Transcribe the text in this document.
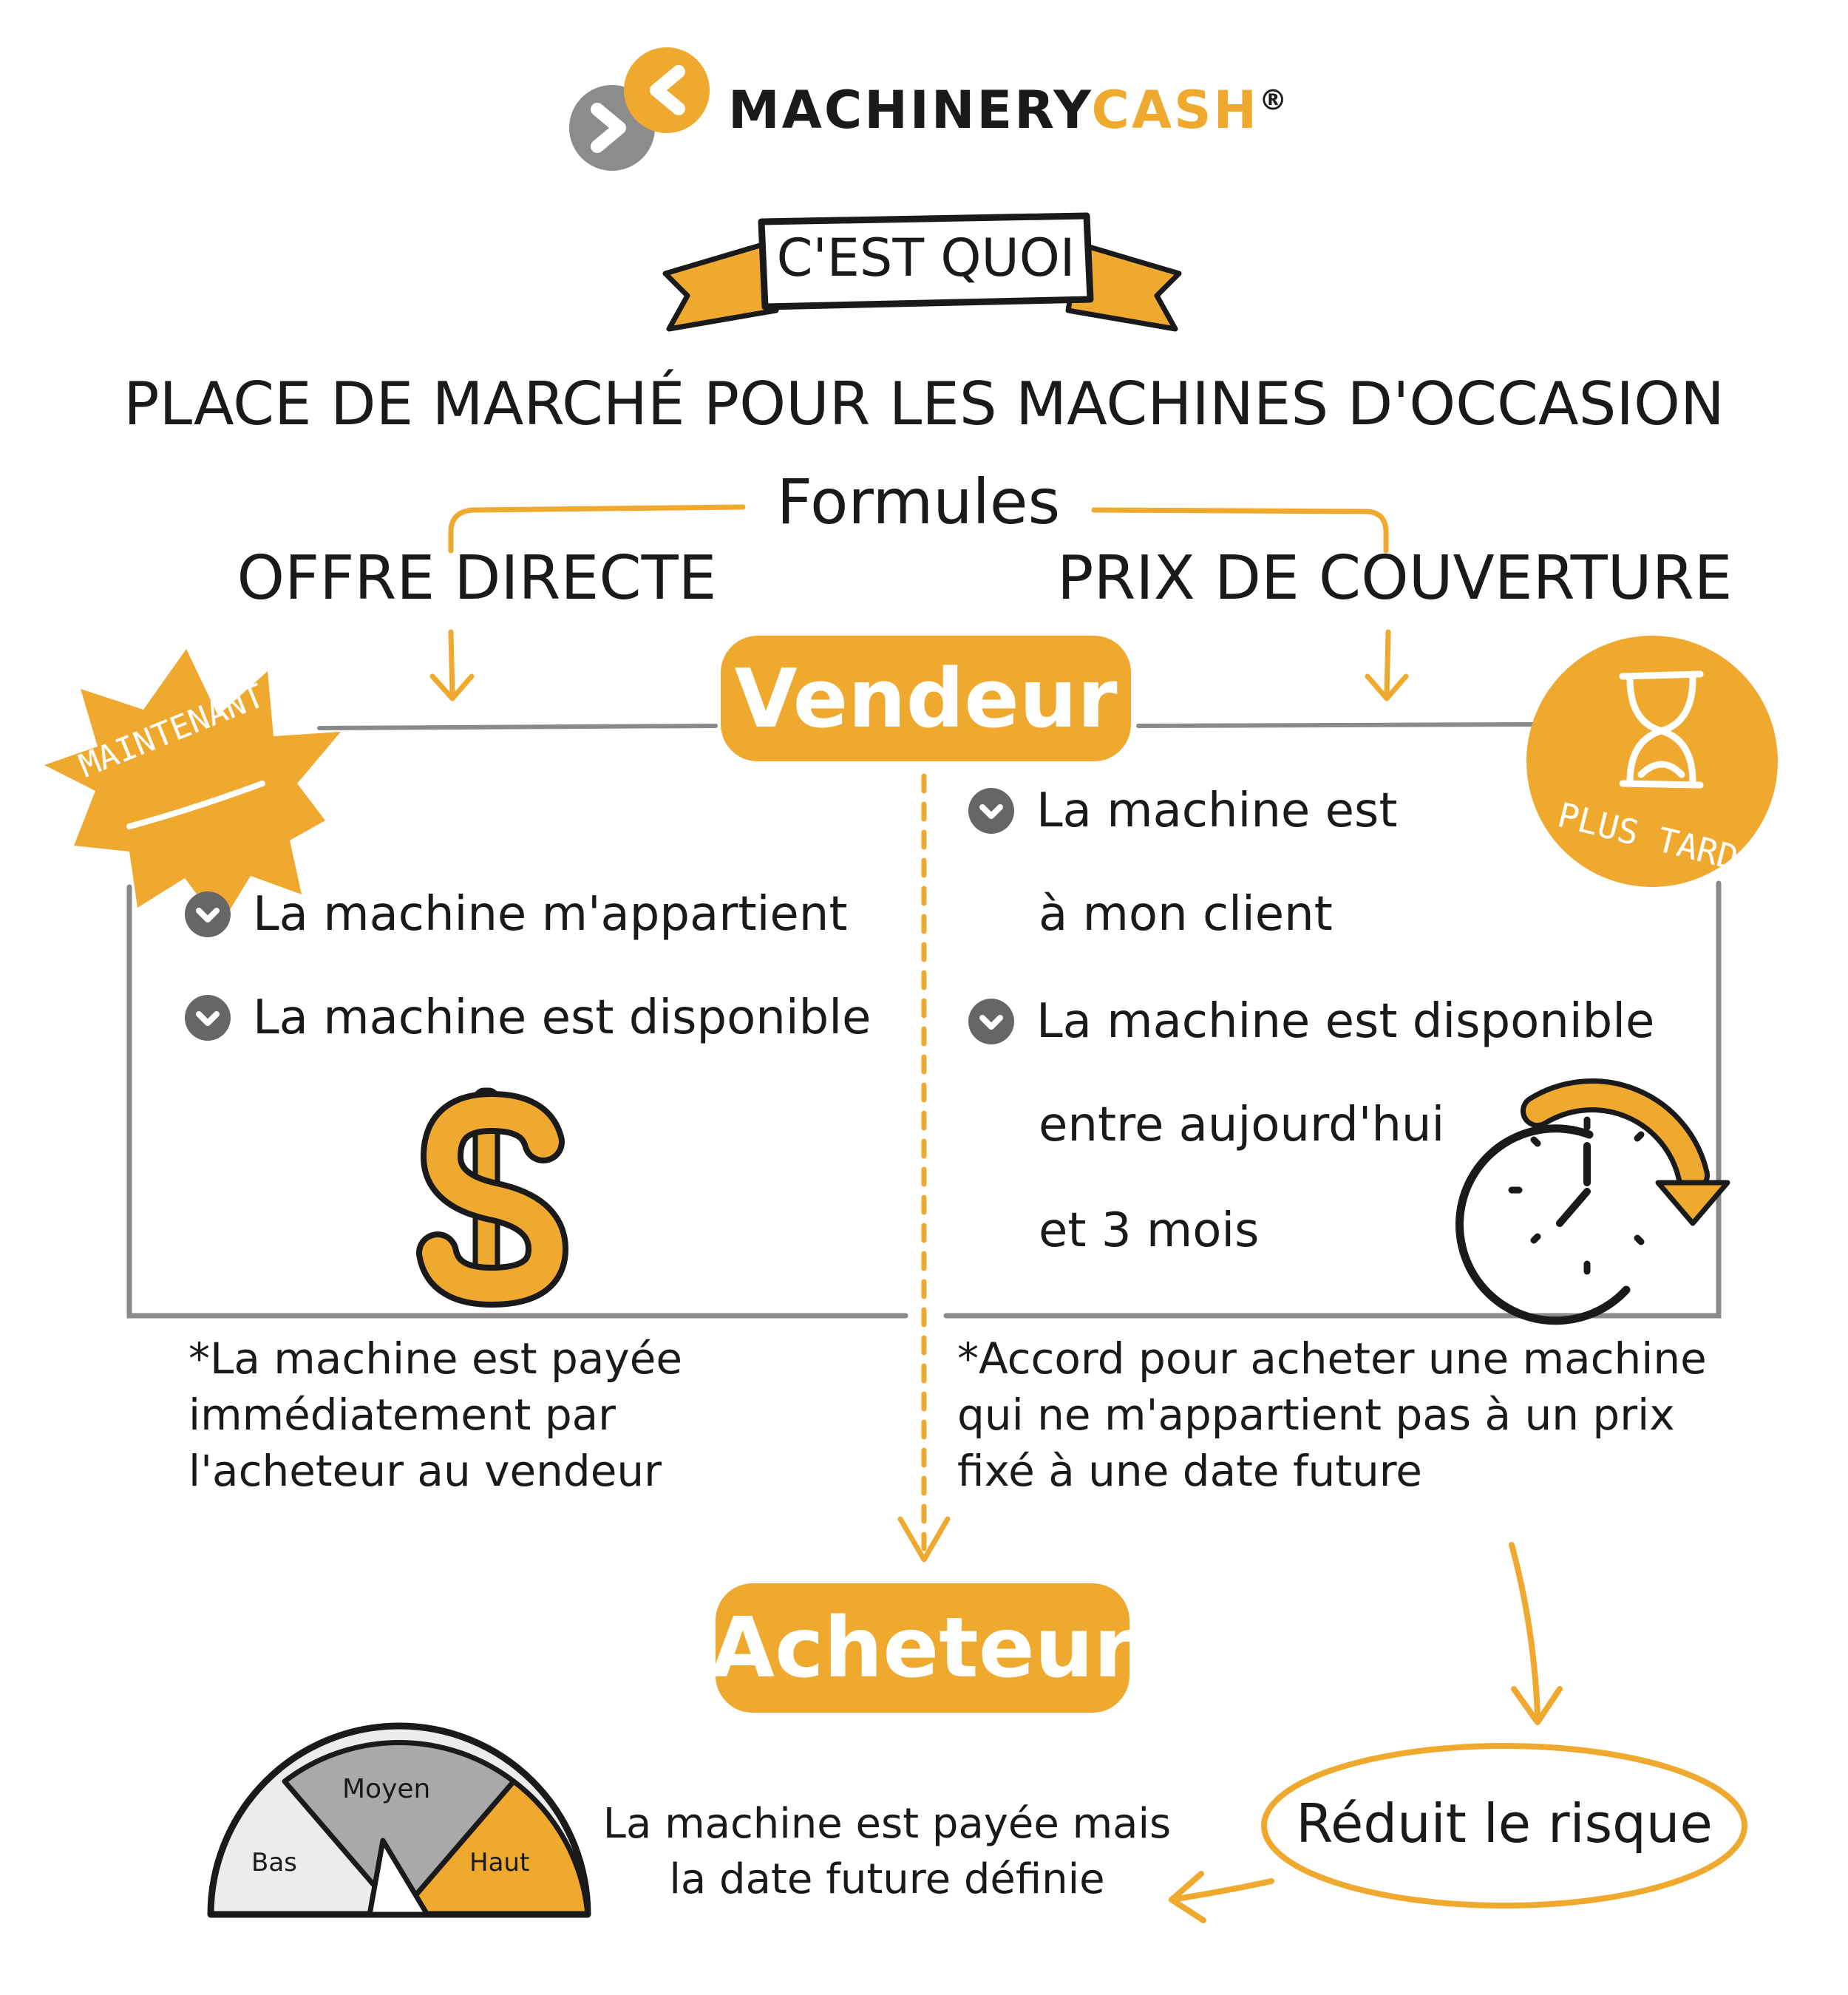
MACHINERYCASH®
C'EST QUOI
PLACE DE MARCHÉ POUR LES MACHINES D'OCCASION
Formules
OFFRE DIRECTE	PRIX DE COUVERTURE
Vendeur
MAINTENANT
PLUS TARD
La machine m'appartient
La machine est disponible
La machine est
à mon client
La machine est disponible
entre aujourd'hui
et 3 mois
*La machine est payée
immédiatement par
l'acheteur au vendeur
*Accord pour acheter une machine
qui ne m'appartient pas à un prix
fixé à une date future
Acheteur
Bas
Moyen
Haut
La machine est payée mais
la date future définie
Réduit le risque
